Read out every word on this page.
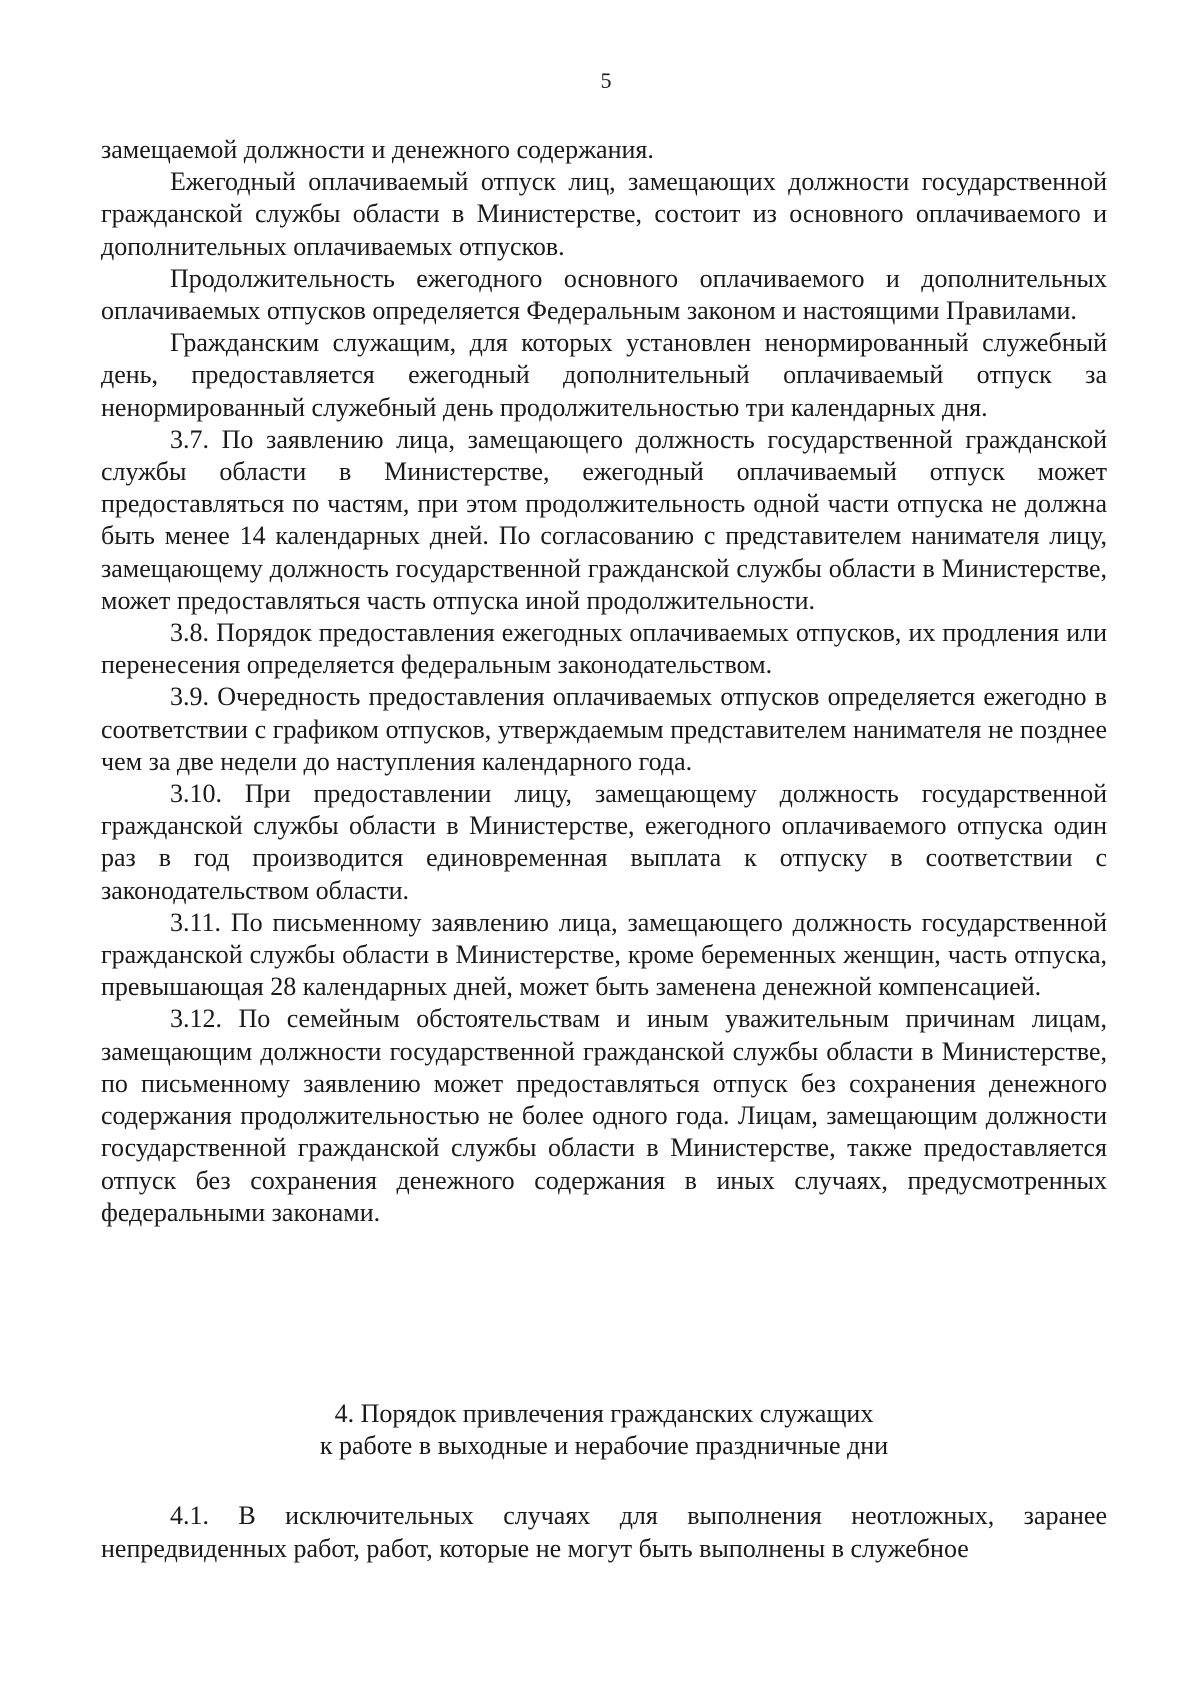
5

замещаемой должности и денежного содержания.

Ежегодный оплачиваемый отпуск лиц, замещающих должности государственной гражданской службы области в Министерстве, состоит из основного оплачиваемого и дополнительных оплачиваемых отпусков.

Продолжительность ежегодного основного оплачиваемого и дополнительных оплачиваемых отпусков определяется Федеральным законом и настоящими Правилами.

Гражданским служащим, для которых установлен ненормированный служебный день, предоставляется ежегодный дополнительный оплачиваемый отпуск за ненормированный служебный день продолжительностью три календарных дня.

3.7. По заявлению лица, замещающего должность государственной гражданской службы области в Министерстве, ежегодный оплачиваемый отпуск может предоставляться по частям, при этом продолжительность одной части отпуска не должна быть менее 14 календарных дней. По согласованию с представителем нанимателя лицу, замещающему должность государственной гражданской службы области в Министерстве, может предоставляться часть отпуска иной продолжительности.

3.8. Порядок предоставления ежегодных оплачиваемых отпусков, их продления или перенесения определяется федеральным законодательством.

3.9. Очередность предоставления оплачиваемых отпусков определяется ежегодно в соответствии с графиком отпусков, утверждаемым представителем нанимателя не позднее чем за две недели до наступления календарного года.

3.10. При предоставлении лицу, замещающему должность государственной гражданской службы области в Министерстве, ежегодного оплачиваемого отпуска один раз в год производится единовременная выплата к отпуску в соответствии с законодательством области.

3.11. По письменному заявлению лица, замещающего должность государственной гражданской службы области в Министерстве, кроме беременных женщин, часть отпуска, превышающая 28 календарных дней, может быть заменена денежной компенсацией.

3.12. По семейным обстоятельствам и иным уважительным причинам лицам, замещающим должности государственной гражданской службы области в Министерстве, по письменному заявлению может предоставляться отпуск без сохранения денежного содержания продолжительностью не более одного года. Лицам, замещающим должности государственной гражданской службы области в Министерстве, также предоставляется отпуск без сохранения денежного содержания в иных случаях, предусмотренных федеральными законами.

4. Порядок привлечения гражданских служащих
к работе в выходные и нерабочие праздничные дни

4.1. В исключительных случаях для выполнения неотложных, заранее непредвиденных работ, работ, которые не могут быть выполнены в служебное
